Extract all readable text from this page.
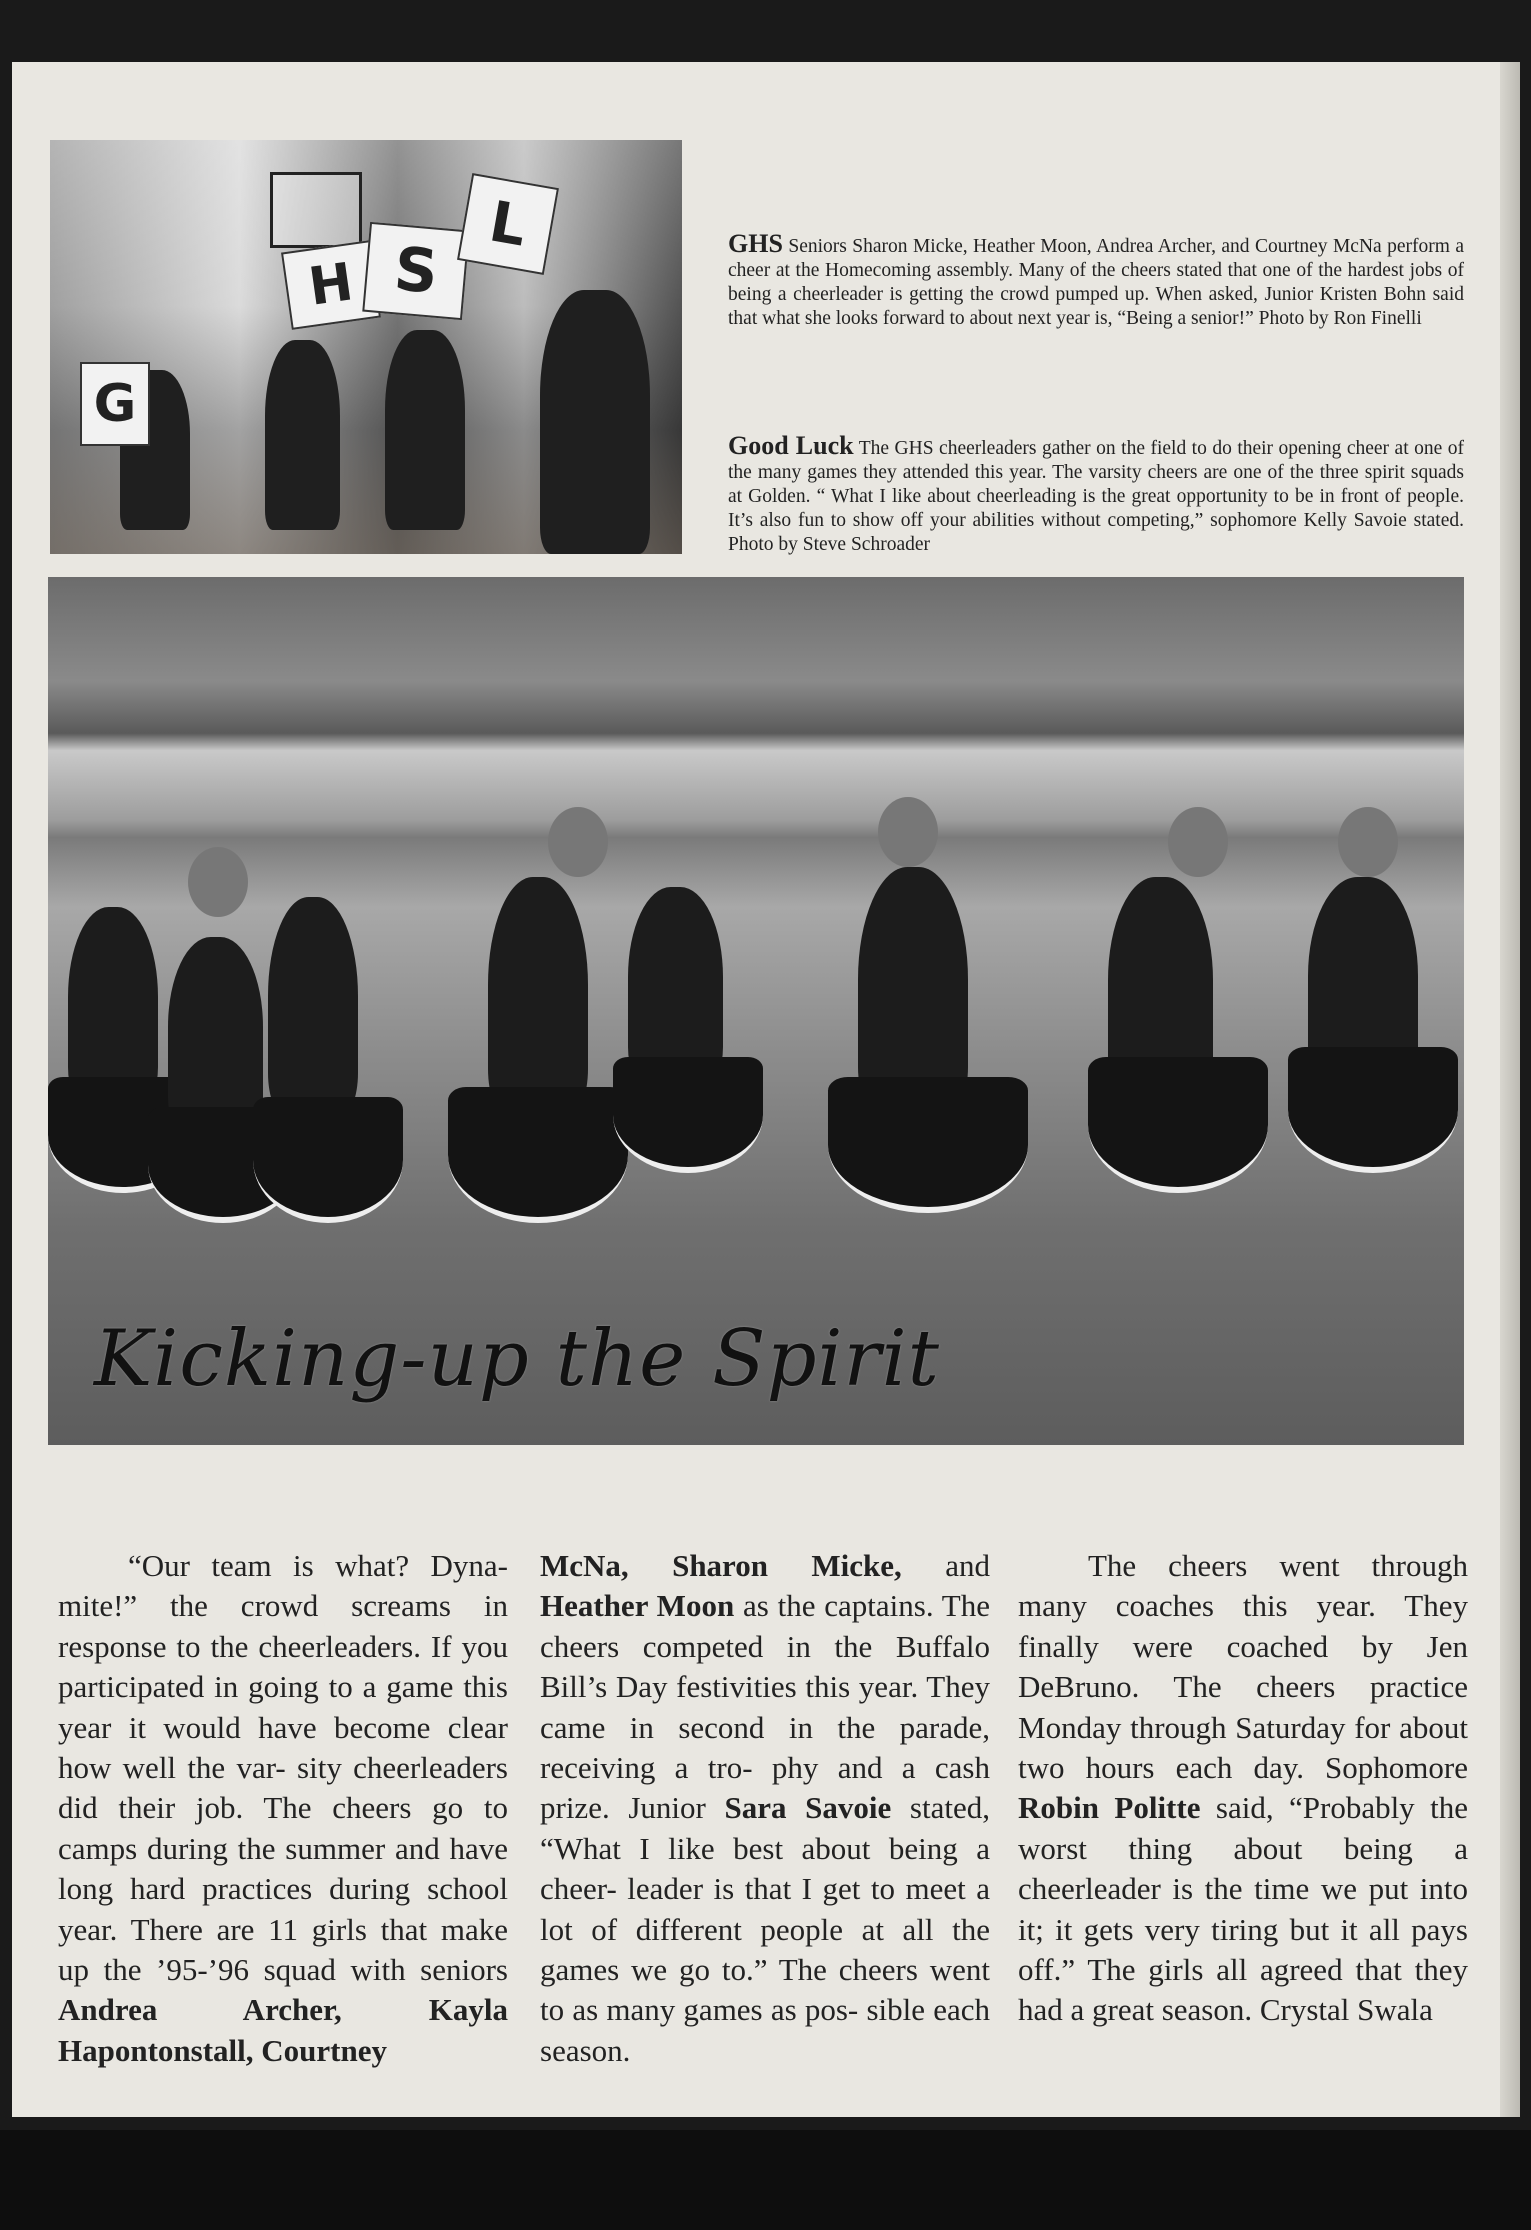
G
H S
L	GHS Seniors Sharon Micke, Heather Moon, Andrea Archer, and Courtney McNa perform a cheer at the Homecoming assembly. Many of the cheers stated that one of the hardest jobs of being a cheerleader is getting the crowd pumped up. When asked, Junior Kristen Bohn said that what she looks forward to about next year is, “Being a senior!” Photo by Ron Finelli
Good Luck The GHS cheerleaders gather on the field to do their opening cheer at one of the many games they attended this year. The varsity cheers are one of the three spirit squads at Golden. “ What I like about cheerleading is the great opportunity to be in front of people. It’s also fun to show off your abilities without competing,” sophomore Kelly Savoie stated. Photo by Steve Schroader
Kicking-up the Spirit
“Our team is what? Dyna- mite!” the crowd screams in response to the cheerleaders. If you participated in going to a game this year it would have become clear how well the var- sity cheerleaders did their job. The cheers go to camps during the summer and have long hard practices during school year. There are 11 girls that make up the ’95-’96 squad with seniors Andrea Archer, Kayla Hapontonstall, Courtney
McNa, Sharon Micke, and Heather Moon as the captains. The cheers competed in the Buffalo Bill’s Day festivities this year. They came in second in the parade, receiving a tro- phy and a cash prize. Junior Sara Savoie stated, “What I like best about being a cheer- leader is that I get to meet a lot of different people at all the games we go to.” The cheers went to as many games as pos- sible each season.
The cheers went through many coaches this year. They finally were coached by Jen DeBruno. The cheers practice Monday through Saturday for about two hours each day. Sophomore Robin Politte said, “Probably the worst thing about being a cheerleader is the time we put into it; it gets very tiring but it all pays off.” The girls all agreed that they had a great season. Crystal Swala
